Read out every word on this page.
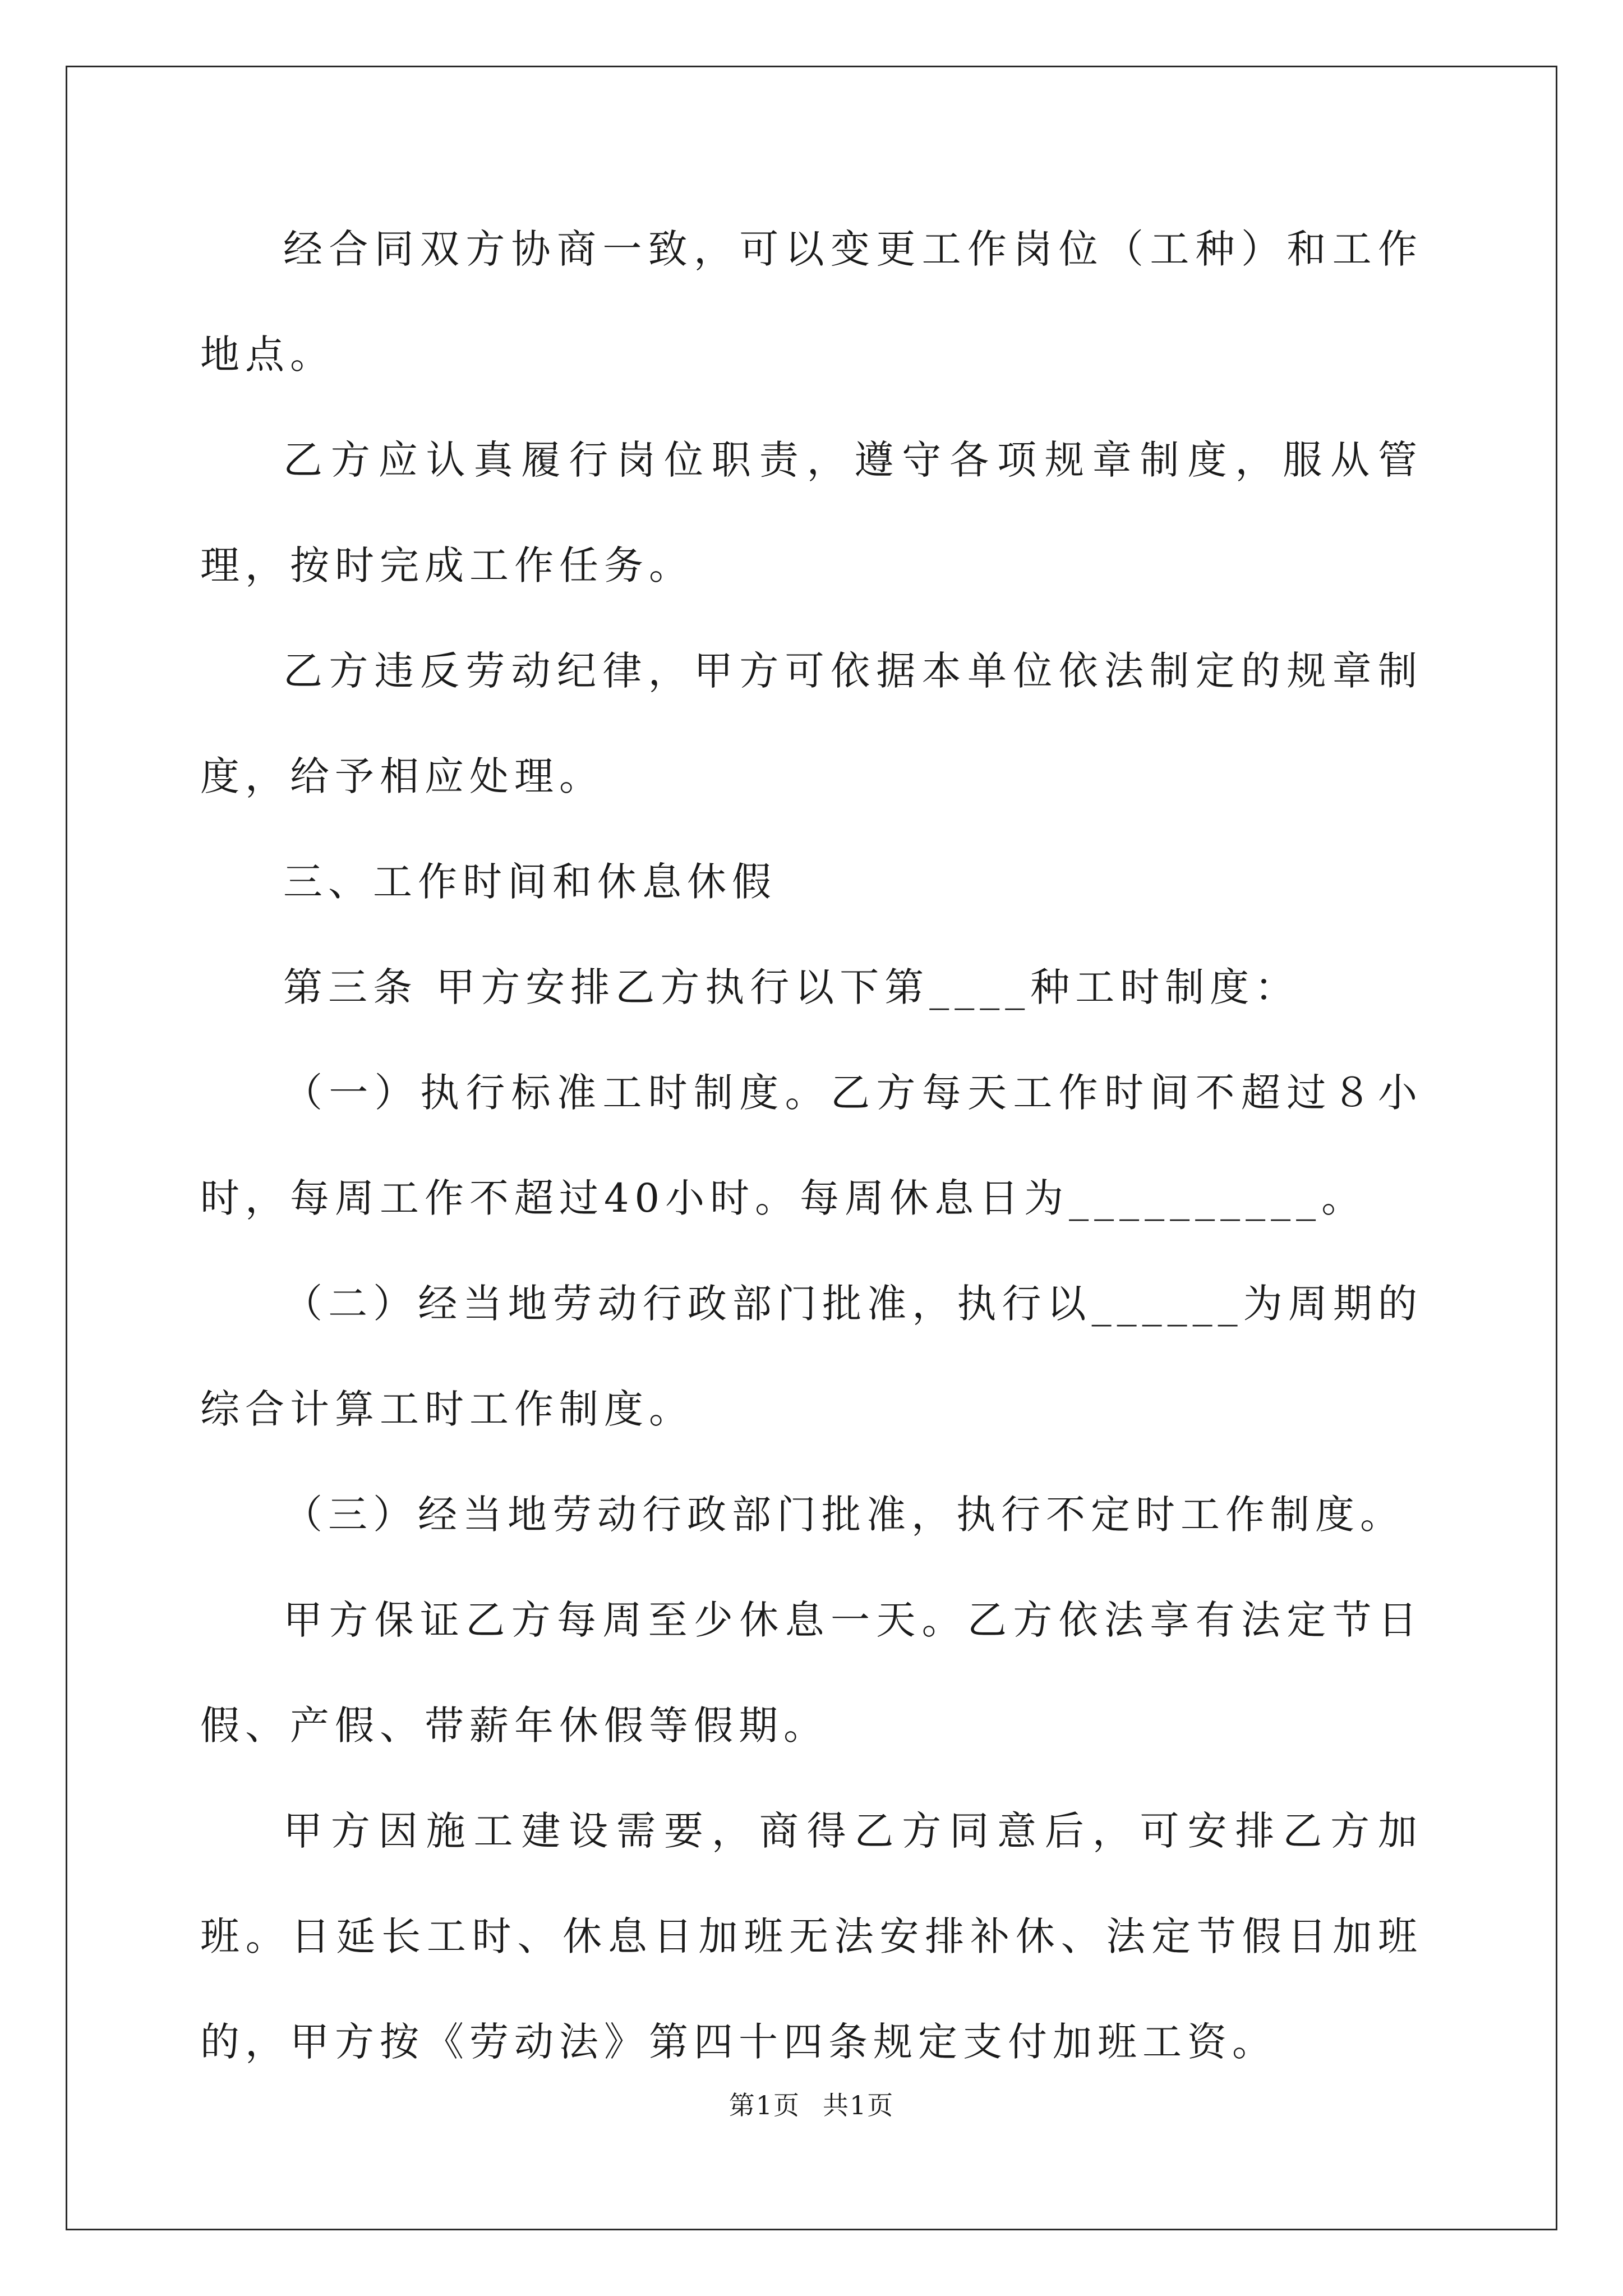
经合同双方协商一致，可以变更工作岗位（工种）和工作地点。

乙方应认真履行岗位职责，遵守各项规章制度，服从管理，按时完成工作任务。

乙方违反劳动纪律，甲方可依据本单位依法制定的规章制度，给予相应处理。

三、工作时间和休息休假

第三条 甲方安排乙方执行以下第____种工时制度：

（一）执行标准工时制度。乙方每天工作时间不超过８小时，每周工作不超过40小时。每周休息日为__________。

（二）经当地劳动行政部门批准，执行以______为周期的综合计算工时工作制度。

（三）经当地劳动行政部门批准，执行不定时工作制度。

甲方保证乙方每周至少休息一天。乙方依法享有法定节日假、产假、带薪年休假等假期。

甲方因施工建设需要，商得乙方同意后，可安排乙方加班。日延长工时、休息日加班无法安排补休、法定节假日加班的，甲方按《劳动法》第四十四条规定支付加班工资。

第1页 共1页
